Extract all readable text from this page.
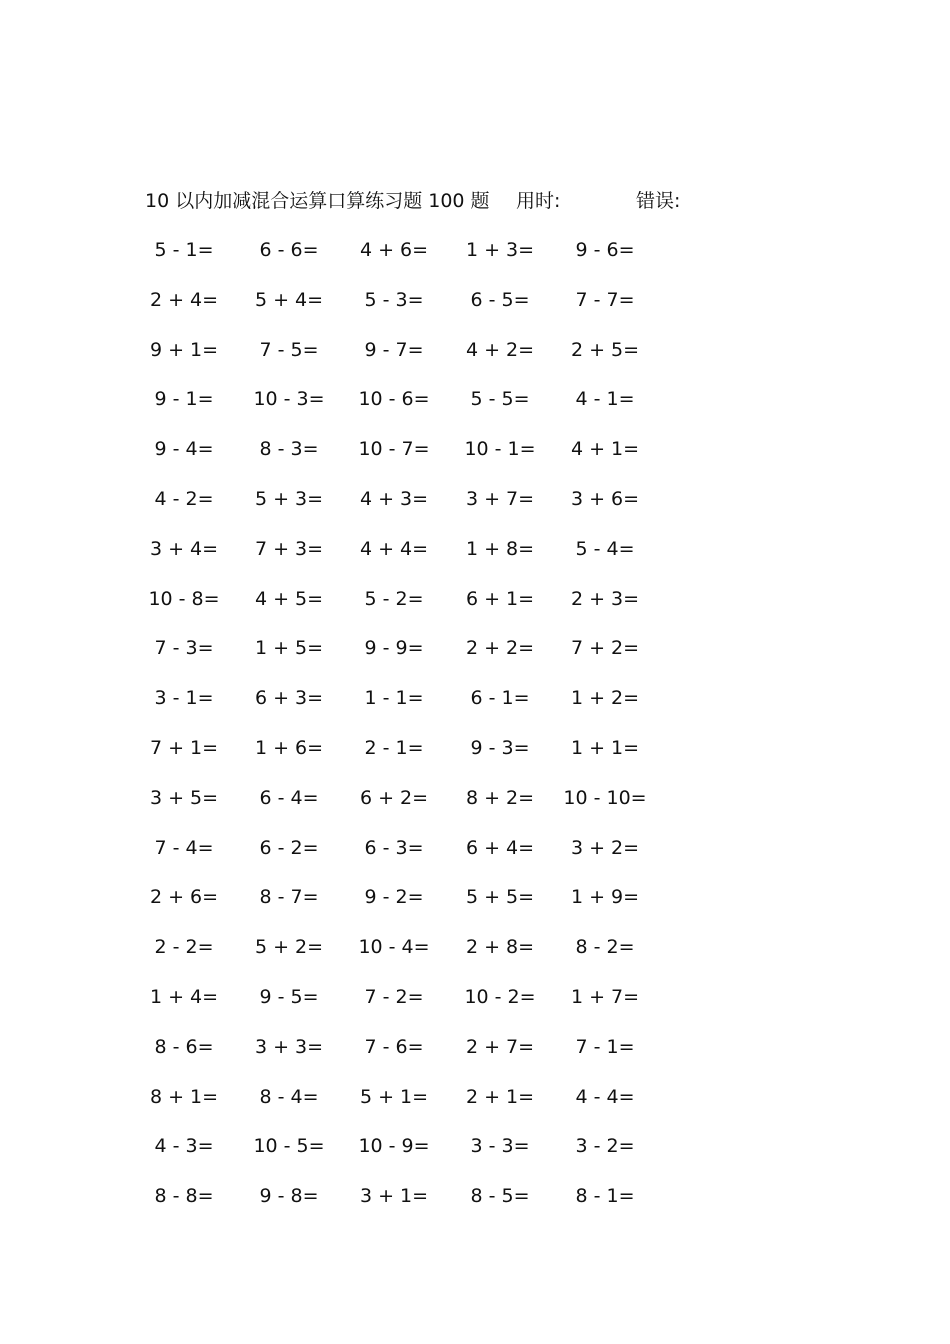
10 以内加减混合运算口算练习题 100 题 用时:	错误:
5 - 1=	6 - 6=	4 + 6=	1 + 3=	9 - 6=
2 + 4=	5 + 4=	5 - 3=	6 - 5=	7 - 7=
9 + 1=	7 - 5=	9 - 7=	4 + 2=	2 + 5=
9 - 1=	10 - 3=	10 - 6=	5 - 5=	4 - 1=
9 - 4=	8 - 3=	10 - 7=	10 - 1=	4 + 1=
4 - 2=	5 + 3=	4 + 3=	3 + 7=	3 + 6=
3 + 4=	7 + 3=	4 + 4=	1 + 8=	5 - 4=
10 - 8=	4 + 5=	5 - 2=	6 + 1=	2 + 3=
7 - 3=	1 + 5=	9 - 9=	2 + 2=	7 + 2=
3 - 1=	6 + 3=	1 - 1=	6 - 1=	1 + 2=
7 + 1=	1 + 6=	2 - 1=	9 - 3=	1 + 1=
3 + 5=	6 - 4=	6 + 2=	8 + 2=	10 - 10=
7 - 4=	6 - 2=	6 - 3=	6 + 4=	3 + 2=
2 + 6=	8 - 7=	9 - 2=	5 + 5=	1 + 9=
2 - 2=	5 + 2=	10 - 4=	2 + 8=	8 - 2=
1 + 4=	9 - 5=	7 - 2=	10 - 2=	1 + 7=
8 - 6=	3 + 3=	7 - 6=	2 + 7=	7 - 1=
8 + 1=	8 - 4=	5 + 1=	2 + 1=	4 - 4=
4 - 3=	10 - 5=	10 - 9=	3 - 3=	3 - 2=
8 - 8=	9 - 8=	3 + 1=	8 - 5=	8 - 1=
